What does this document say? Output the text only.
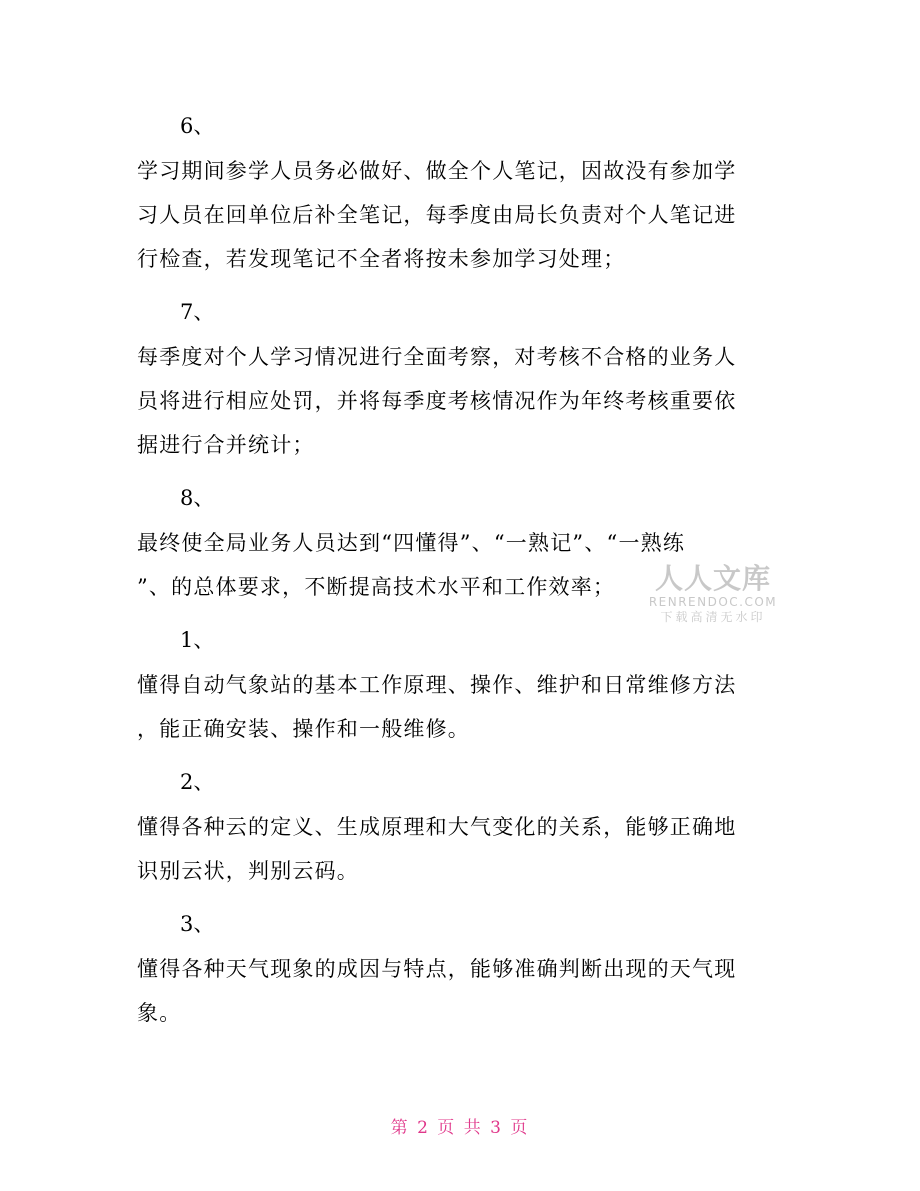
6、
学习期间参学人员务必做好、做全个人笔记，因故没有参加学
习人员在回单位后补全笔记，每季度由局长负责对个人笔记进
行检查，若发现笔记不全者将按未参加学习处理；
7、
每季度对个人学习情况进行全面考察，对考核不合格的业务人
员将进行相应处罚，并将每季度考核情况作为年终考核重要依
据进行合并统计；
8、
最终使全局业务人员达到“四懂得”、“一熟记”、“一熟练
”、的总体要求，不断提高技术水平和工作效率；
1、
懂得自动气象站的基本工作原理、操作、维护和日常维修方法
，能正确安装、操作和一般维修。
2、
懂得各种云的定义、生成原理和大气变化的关系，能够正确地
识别云状，判别云码。
3、
懂得各种天气现象的成因与特点，能够准确判断出现的天气现
象。
人人文库
RENRENDOC.COM
下载高清无水印
第 2 页 共 3 页
